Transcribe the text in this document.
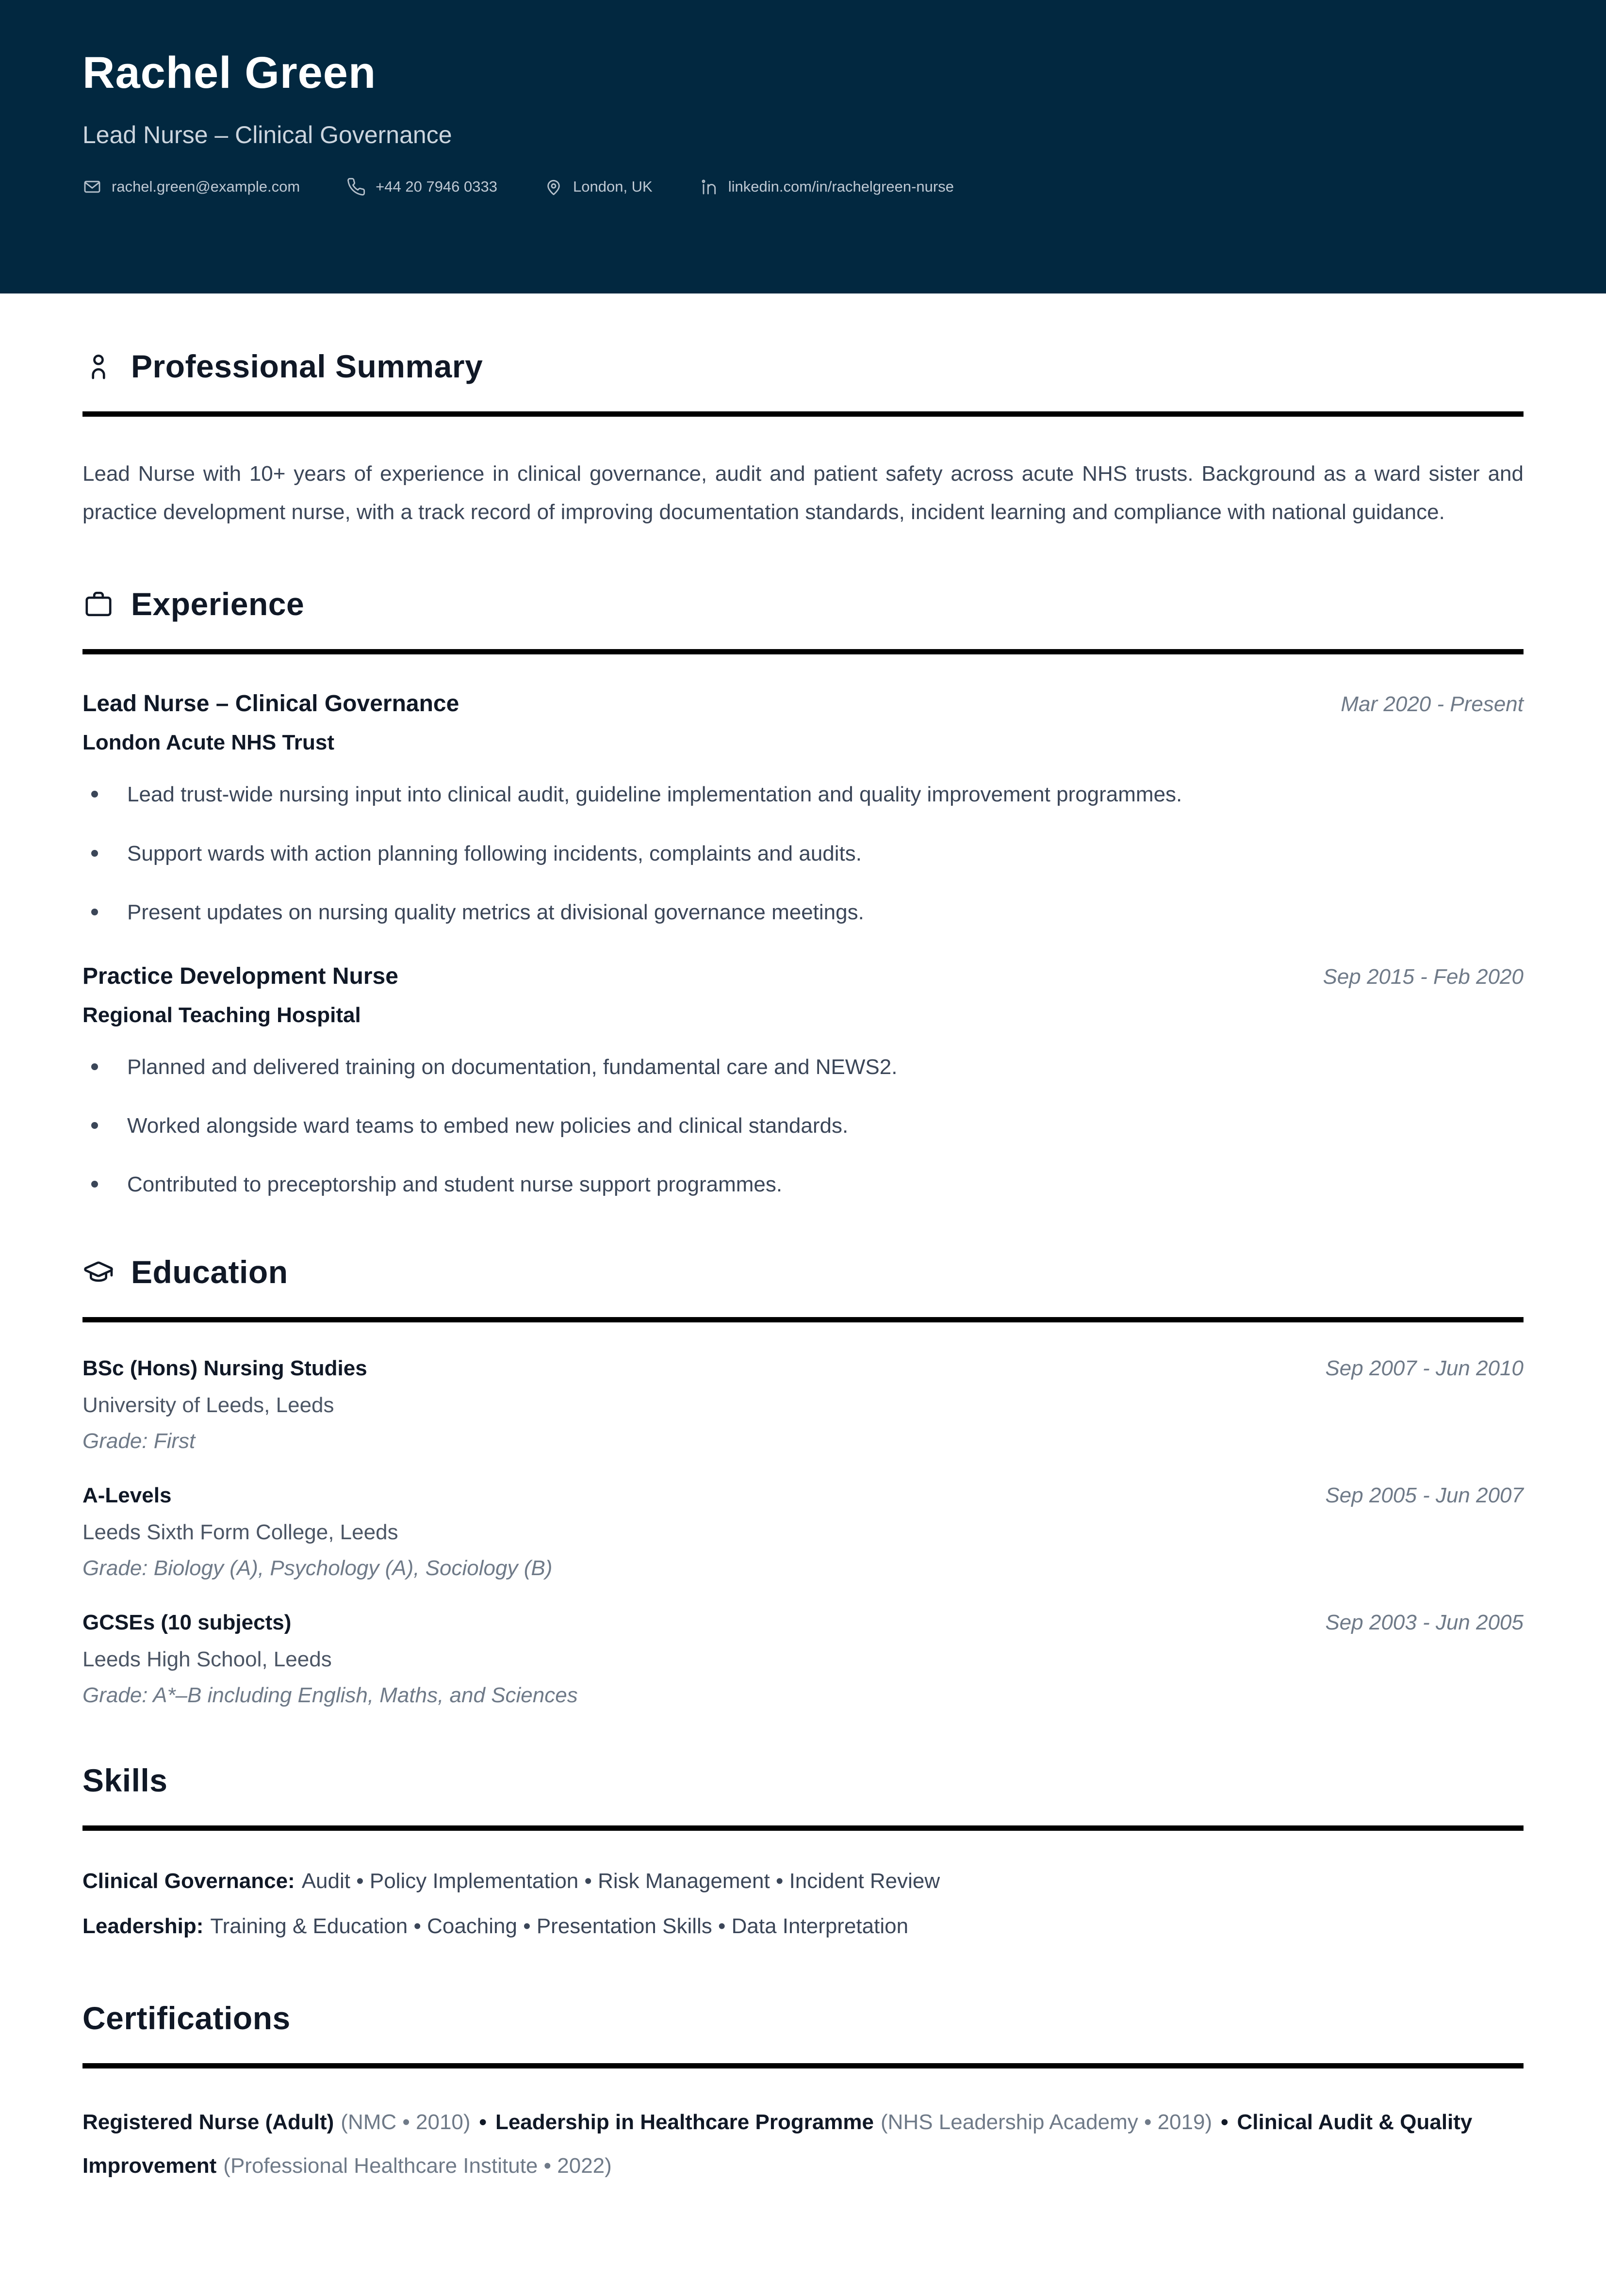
Rachel Green
Lead Nurse – Clinical Governance
rachel.green@example.com	+44 20 7946 0333	London, UK	linkedin.com/in/rachelgreen-nurse
Professional Summary

Lead Nurse with 10+ years of experience in clinical governance, audit and patient safety across acute NHS trusts. Background as a ward sister and practice development nurse, with a track record of improving documentation standards, incident learning and compliance with national guidance.

Experience
Lead Nurse – Clinical Governance	Mar 2020 - Present
London Acute NHS Trust
Lead trust-wide nursing input into clinical audit, guideline implementation and quality improvement programmes.
Support wards with action planning following incidents, complaints and audits.
Present updates on nursing quality metrics at divisional governance meetings.
Practice Development Nurse	Sep 2015 - Feb 2020
Regional Teaching Hospital
Planned and delivered training on documentation, fundamental care and NEWS2.
Worked alongside ward teams to embed new policies and clinical standards.
Contributed to preceptorship and student nurse support programmes.
Education
BSc (Hons) Nursing Studies	Sep 2007 - Jun 2010
University of Leeds, Leeds
Grade: First
A-Levels	Sep 2005 - Jun 2007
Leeds Sixth Form College, Leeds
Grade: Biology (A), Psychology (A), Sociology (B)
GCSEs (10 subjects)	Sep 2003 - Jun 2005
Leeds High School, Leeds
Grade: A*–B including English, Maths, and Sciences
Skills

Clinical Governance: Audit • Policy Implementation • Risk Management • Incident Review

Leadership: Training & Education • Coaching • Presentation Skills • Data Interpretation

Certifications

Registered Nurse (Adult) (NMC • 2010) • Leadership in Healthcare Programme (NHS Leadership Academy • 2019) • Clinical Audit & Quality Improvement (Professional Healthcare Institute • 2022)
